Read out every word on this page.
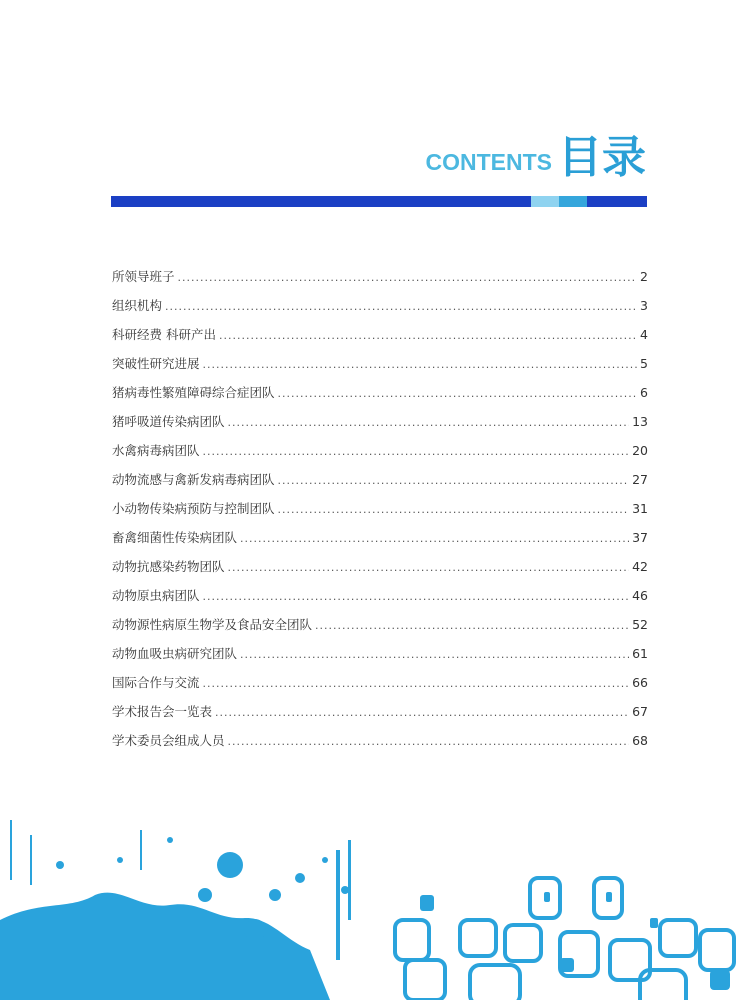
CONTENTS 目录
所领导班子 .....	2
组织机构 .....	3
科研经费 科研产出 .....	4
突破性研究进展 .....	5
猪病毒性繁殖障碍综合症团队 .....	6
猪呼吸道传染病团队 .....	13
水禽病毒病团队 .....	20
动物流感与禽新发病毒病团队 .....	27
小动物传染病预防与控制团队 .....	31
畜禽细菌性传染病团队 .....	37
动物抗感染药物团队 .....	42
动物原虫病团队 .....	46
动物源性病原生物学及食品安全团队 .....	52
动物血吸虫病研究团队 .....	61
国际合作与交流 .....	66
学术报告会一览表 .....	67
学术委员会组成人员 .....	68
